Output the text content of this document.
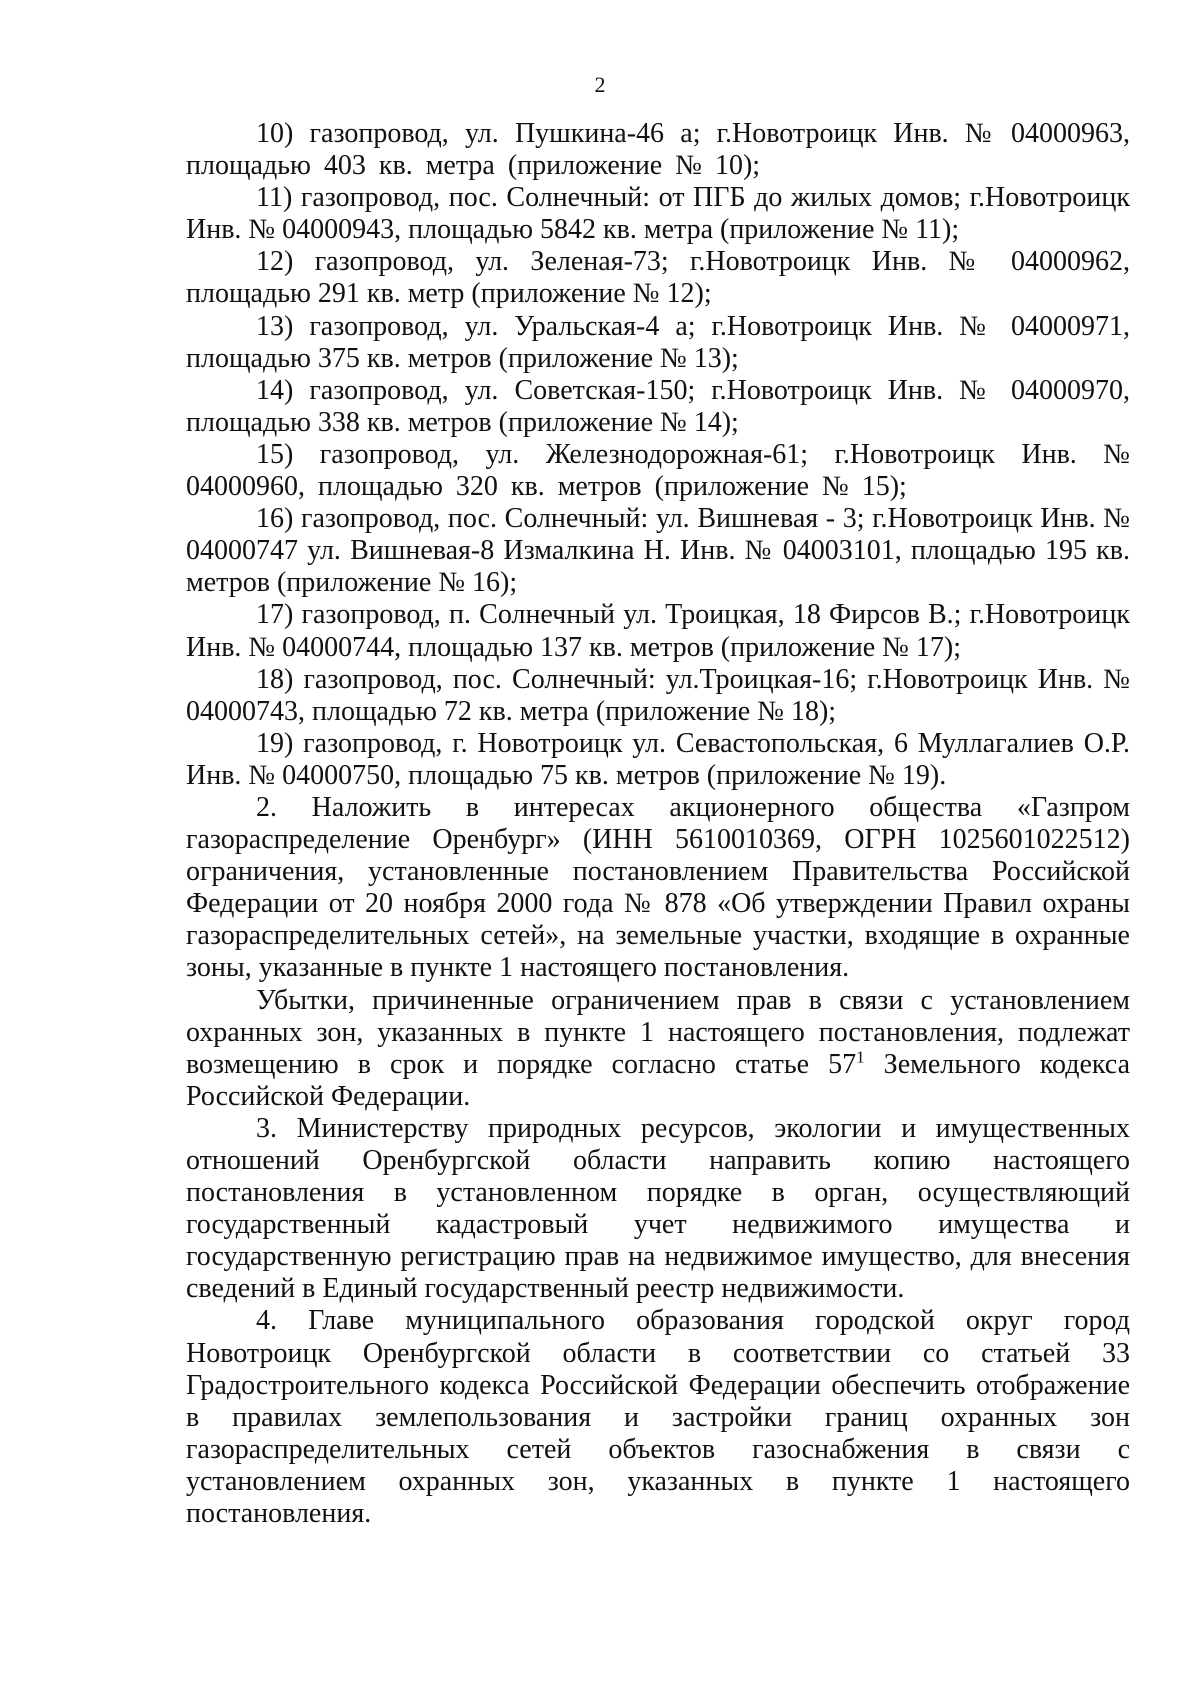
2

10) газопровод, ул. Пушкина-46 а; г.Новотроицк Инв. № 04000963, площадью 403 кв. метра (приложение № 10);

11) газопровод, пос. Солнечный: от ПГБ до жилых домов; г.Новотроицк Инв. № 04000943, площадью 5842 кв. метра (приложение № 11);

12) газопровод, ул. Зеленая-73; г.Новотроицк Инв. № 04000962, площадью 291 кв. метр (приложение № 12);

13) газопровод, ул. Уральская-4 а; г.Новотроицк Инв. № 04000971, площадью 375 кв. метров (приложение № 13);

14) газопровод, ул. Советская-150; г.Новотроицк Инв. № 04000970, площадью 338 кв. метров (приложение № 14);

15) газопровод, ул. Железнодорожная-61; г.Новотроицк Инв. № 04000960, площадью 320 кв. метров (приложение № 15);

16) газопровод, пос. Солнечный: ул. Вишневая - 3; г.Новотроицк Инв. № 04000747 ул. Вишневая-8 Измалкина Н. Инв. № 04003101, площадью 195 кв. метров (приложение № 16);

17) газопровод, п. Солнечный ул. Троицкая, 18 Фирсов В.; г.Новотроицк Инв. № 04000744, площадью 137 кв. метров (приложение № 17);

18) газопровод, пос. Солнечный: ул.Троицкая-16; г.Новотроицк Инв. № 04000743, площадью 72 кв. метра (приложение № 18);

19) газопровод, г. Новотроицк ул. Севастопольская, 6 Муллагалиев О.Р. Инв. № 04000750, площадью 75 кв. метров (приложение № 19).

2. Наложить в интересах акционерного общества «Газпром газораспределение Оренбург» (ИНН 5610010369, ОГРН 1025601022512) ограничения, установленные постановлением Правительства Российской Федерации от 20 ноября 2000 года № 878 «Об утверждении Правил охраны газораспределительных сетей», на земельные участки, входящие в охранные зоны, указанные в пункте 1 настоящего постановления.

Убытки, причиненные ограничением прав в связи с установлением охранных зон, указанных в пункте 1 настоящего постановления, подлежат возмещению в срок и порядке согласно статье $57^1$ Земельного кодекса Российской Федерации.

3. Министерству природных ресурсов, экологии и имущественных отношений Оренбургской области направить копию настоящего постановления в установленном порядке в орган, осуществляющий государственный кадастровый учет недвижимого имущества и государственную регистрацию прав на недвижимое имущество, для внесения сведений в Единый государственный реестр недвижимости.

4. Главе муниципального образования городской округ город Новотроицк Оренбургской области в соответствии со статьей 33 Градостроительного кодекса Российской Федерации обеспечить отображение в правилах землепользования и застройки границ охранных зон газораспределительных сетей объектов газоснабжения в связи с установлением охранных зон, указанных в пункте 1 настоящего постановления.
